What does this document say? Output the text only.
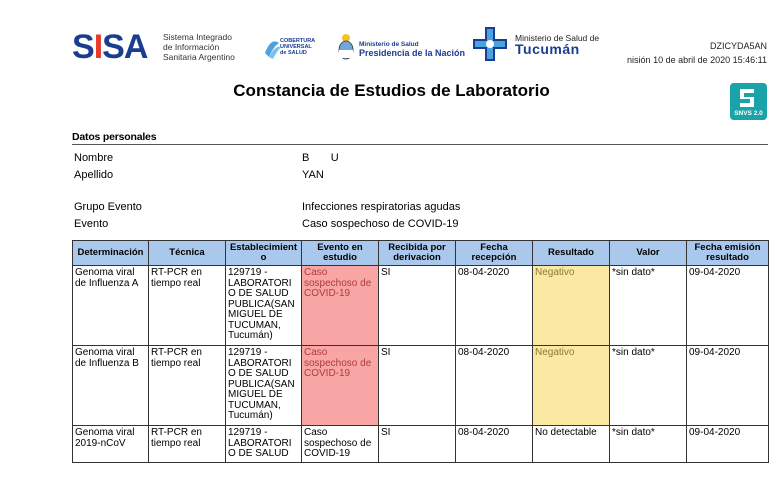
SISA Sistema Integrado
de Información
Sanitaria Argentino
COBERTURA
UNIVERSAL
de SALUD
Ministerio de Salud
Presidencia de la Nación
Ministerio de Salud de
Tucumán	DZICYDA5AN
nisión 10 de abril de 2020 15:46:11
Constancia de Estudios de Laboratorio
SNVS 2.0
Datos personales
Nombre	B       U
Apellido	YAN
Grupo Evento	Infecciones respiratorias agudas
Evento	Caso sospechoso de COVID-19
Determinación	Técnica	Establecimient o	Evento en estudio	Recibida por derivacion	Fecha recepción	Resultado	Valor	Fecha emisión resultado
Genoma viral de Influenza A	RT-PCR en tiempo real	129719 - LABORATORI O DE SALUD PUBLICA(SAN MIGUEL DE TUCUMAN, Tucumán)	Caso sospechoso de COVID-19	SI	08-04-2020	Negativo	*sin dato*	09-04-2020
Genoma viral de Influenza B	RT-PCR en tiempo real	129719 - LABORATORI O DE SALUD PUBLICA(SAN MIGUEL DE TUCUMAN, Tucumán)	Caso sospechoso de COVID-19	SI	08-04-2020	Negativo	*sin dato*	09-04-2020
Genoma viral 2019-nCoV	RT-PCR en tiempo real	129719 - LABORATORI O DE SALUD	Caso sospechoso de COVID-19	SI	08-04-2020	No detectable	*sin dato*	09-04-2020
